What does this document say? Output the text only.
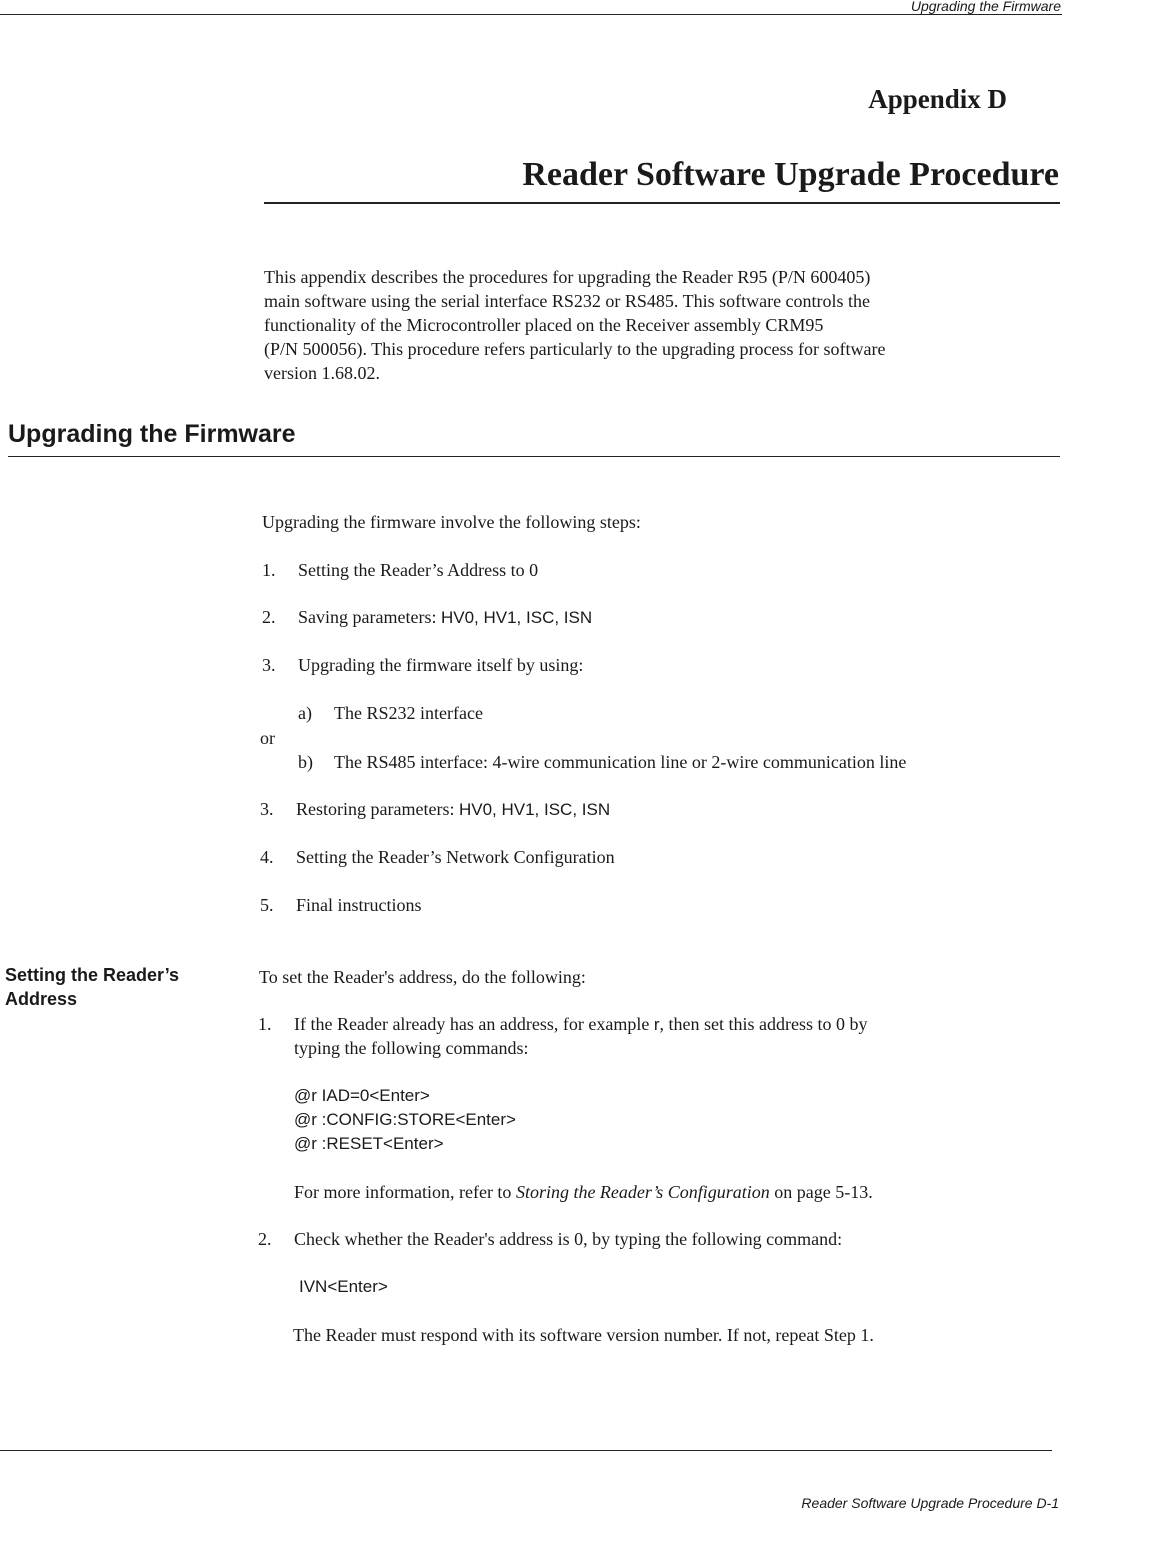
Upgrading the Firmware
Appendix D
Reader Software Upgrade Procedure
This appendix describes the procedures for upgrading the Reader R95 (P/N 600405)
main software using the serial interface RS232 or RS485. This software controls the
functionality of the Microcontroller placed on the Receiver assembly CRM95
(P/N 500056). This procedure refers particularly to the upgrading process for software
version 1.68.02.
Upgrading the Firmware
Upgrading the firmware involve the following steps:
1. Setting the Reader’s Address to 0
2. Saving parameters: HV0, HV1, ISC, ISN
3. Upgrading the firmware itself by using:
a) The RS232 interface
or
b) The RS485 interface: 4-wire communication line or 2-wire communication line
3. Restoring parameters: HV0, HV1, ISC, ISN
4. Setting the Reader’s Network Configuration
5. Final instructions
Setting the Reader’s
Address
To set the Reader's address, do the following:
1. If the Reader already has an address, for example r, then set this address to 0 by
typing the following commands:
@r IAD=0<Enter>
@r :CONFIG:STORE<Enter>
@r :RESET<Enter>
For more information, refer to Storing the Reader’s Configuration on page 5-13.
2. Check whether the Reader's address is 0, by typing the following command:
IVN<Enter>
The Reader must respond with its software version number. If not, repeat Step 1.
Reader Software Upgrade Procedure D-1
